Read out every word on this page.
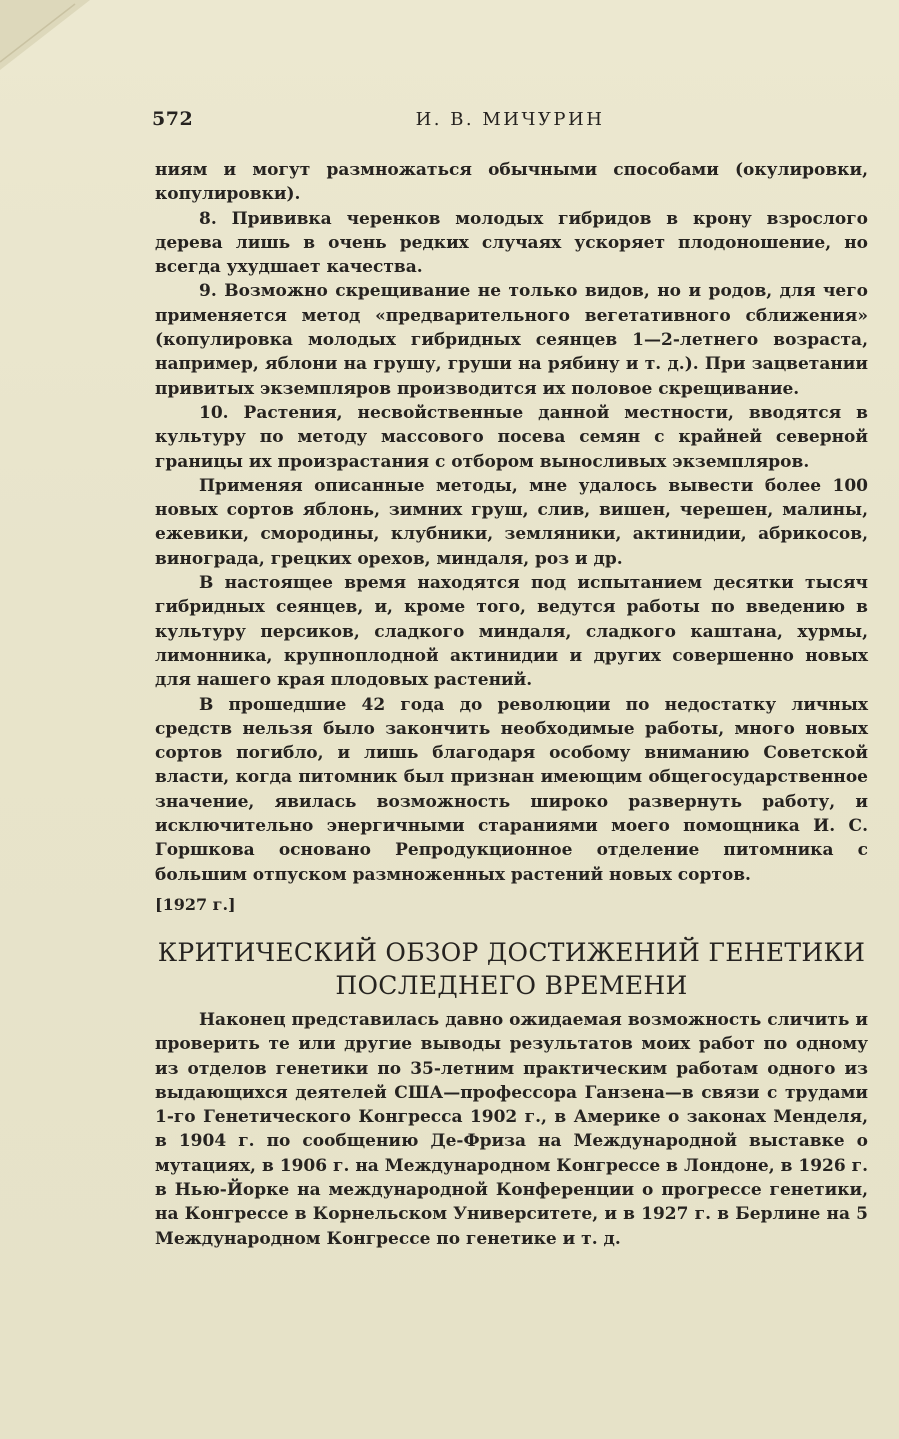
572	И. В. МИЧУРИН

ниям и могут размножаться обычными способами (окулировки, копулировки).

8. Прививка черенков молодых гибридов в крону взрослого дерева лишь в очень редких случаях ускоряет плодоношение, но всегда ухудшает качества.

9. Возможно скрещивание не только видов, но и родов, для чего применяется метод «предварительного вегетативного сближения» (копулировка молодых гибридных сеянцев 1—2-летнего возраста, например, яблони на грушу, груши на рябину и т. д.). При зацветании привитых экземпляров производится их половое скрещивание.

10. Растения, несвойственные данной местности, вводятся в культуру по методу массового посева семян с крайней северной границы их произрастания с отбором выносливых экземпляров.

Применяя описанные методы, мне удалось вывести более 100 новых сортов яблонь, зимних груш, слив, вишен, черешен, малины, ежевики, смородины, клубники, земляники, актинидии, абрикосов, винограда, грецких орехов, миндаля, роз и др.

В настоящее время находятся под испытанием десятки тысяч гибридных сеянцев, и, кроме того, ведутся работы по введению в культуру персиков, сладкого миндаля, сладкого каштана, хурмы, лимонника, крупноплодной актинидии и других совершенно новых для нашего края плодовых растений.

В прошедшие 42 года до революции по недостатку личных средств нельзя было закончить необходимые работы, много новых сортов погибло, и лишь благодаря особому вниманию Советской власти, когда питомник был признан имеющим общегосударственное значение, явилась возможность широко развернуть работу, и исключительно энергичными стараниями моего помощника И. С. Горшкова основано Репродукционное отделение питомника с большим отпуском размноженных растений новых сортов.

[1927 г.]
КРИТИЧЕСКИЙ ОБЗОР ДОСТИЖЕНИЙ ГЕНЕТИКИ
ПОСЛЕДНЕГО ВРЕМЕНИ

Наконец представилась давно ожидаемая возможность сличить и проверить те или другие выводы результатов моих работ по одному из отделов генетики по 35-летним практическим работам одного из выдающихся деятелей США—профессора Ганзена—в связи с трудами 1-го Генетического Конгресса 1902 г., в Америке о законах Менделя, в 1904 г. по сообщению Де-Фриза на Международной выставке о мутациях, в 1906 г. на Международном Конгрессе в Лондоне, в 1926 г. в Нью-Йорке на международной Конференции о прогрессе генетики, на Конгрессе в Корнельском Университете, и в 1927 г. в Берлине на 5 Международном Конгрессе по генетике и т. д.
